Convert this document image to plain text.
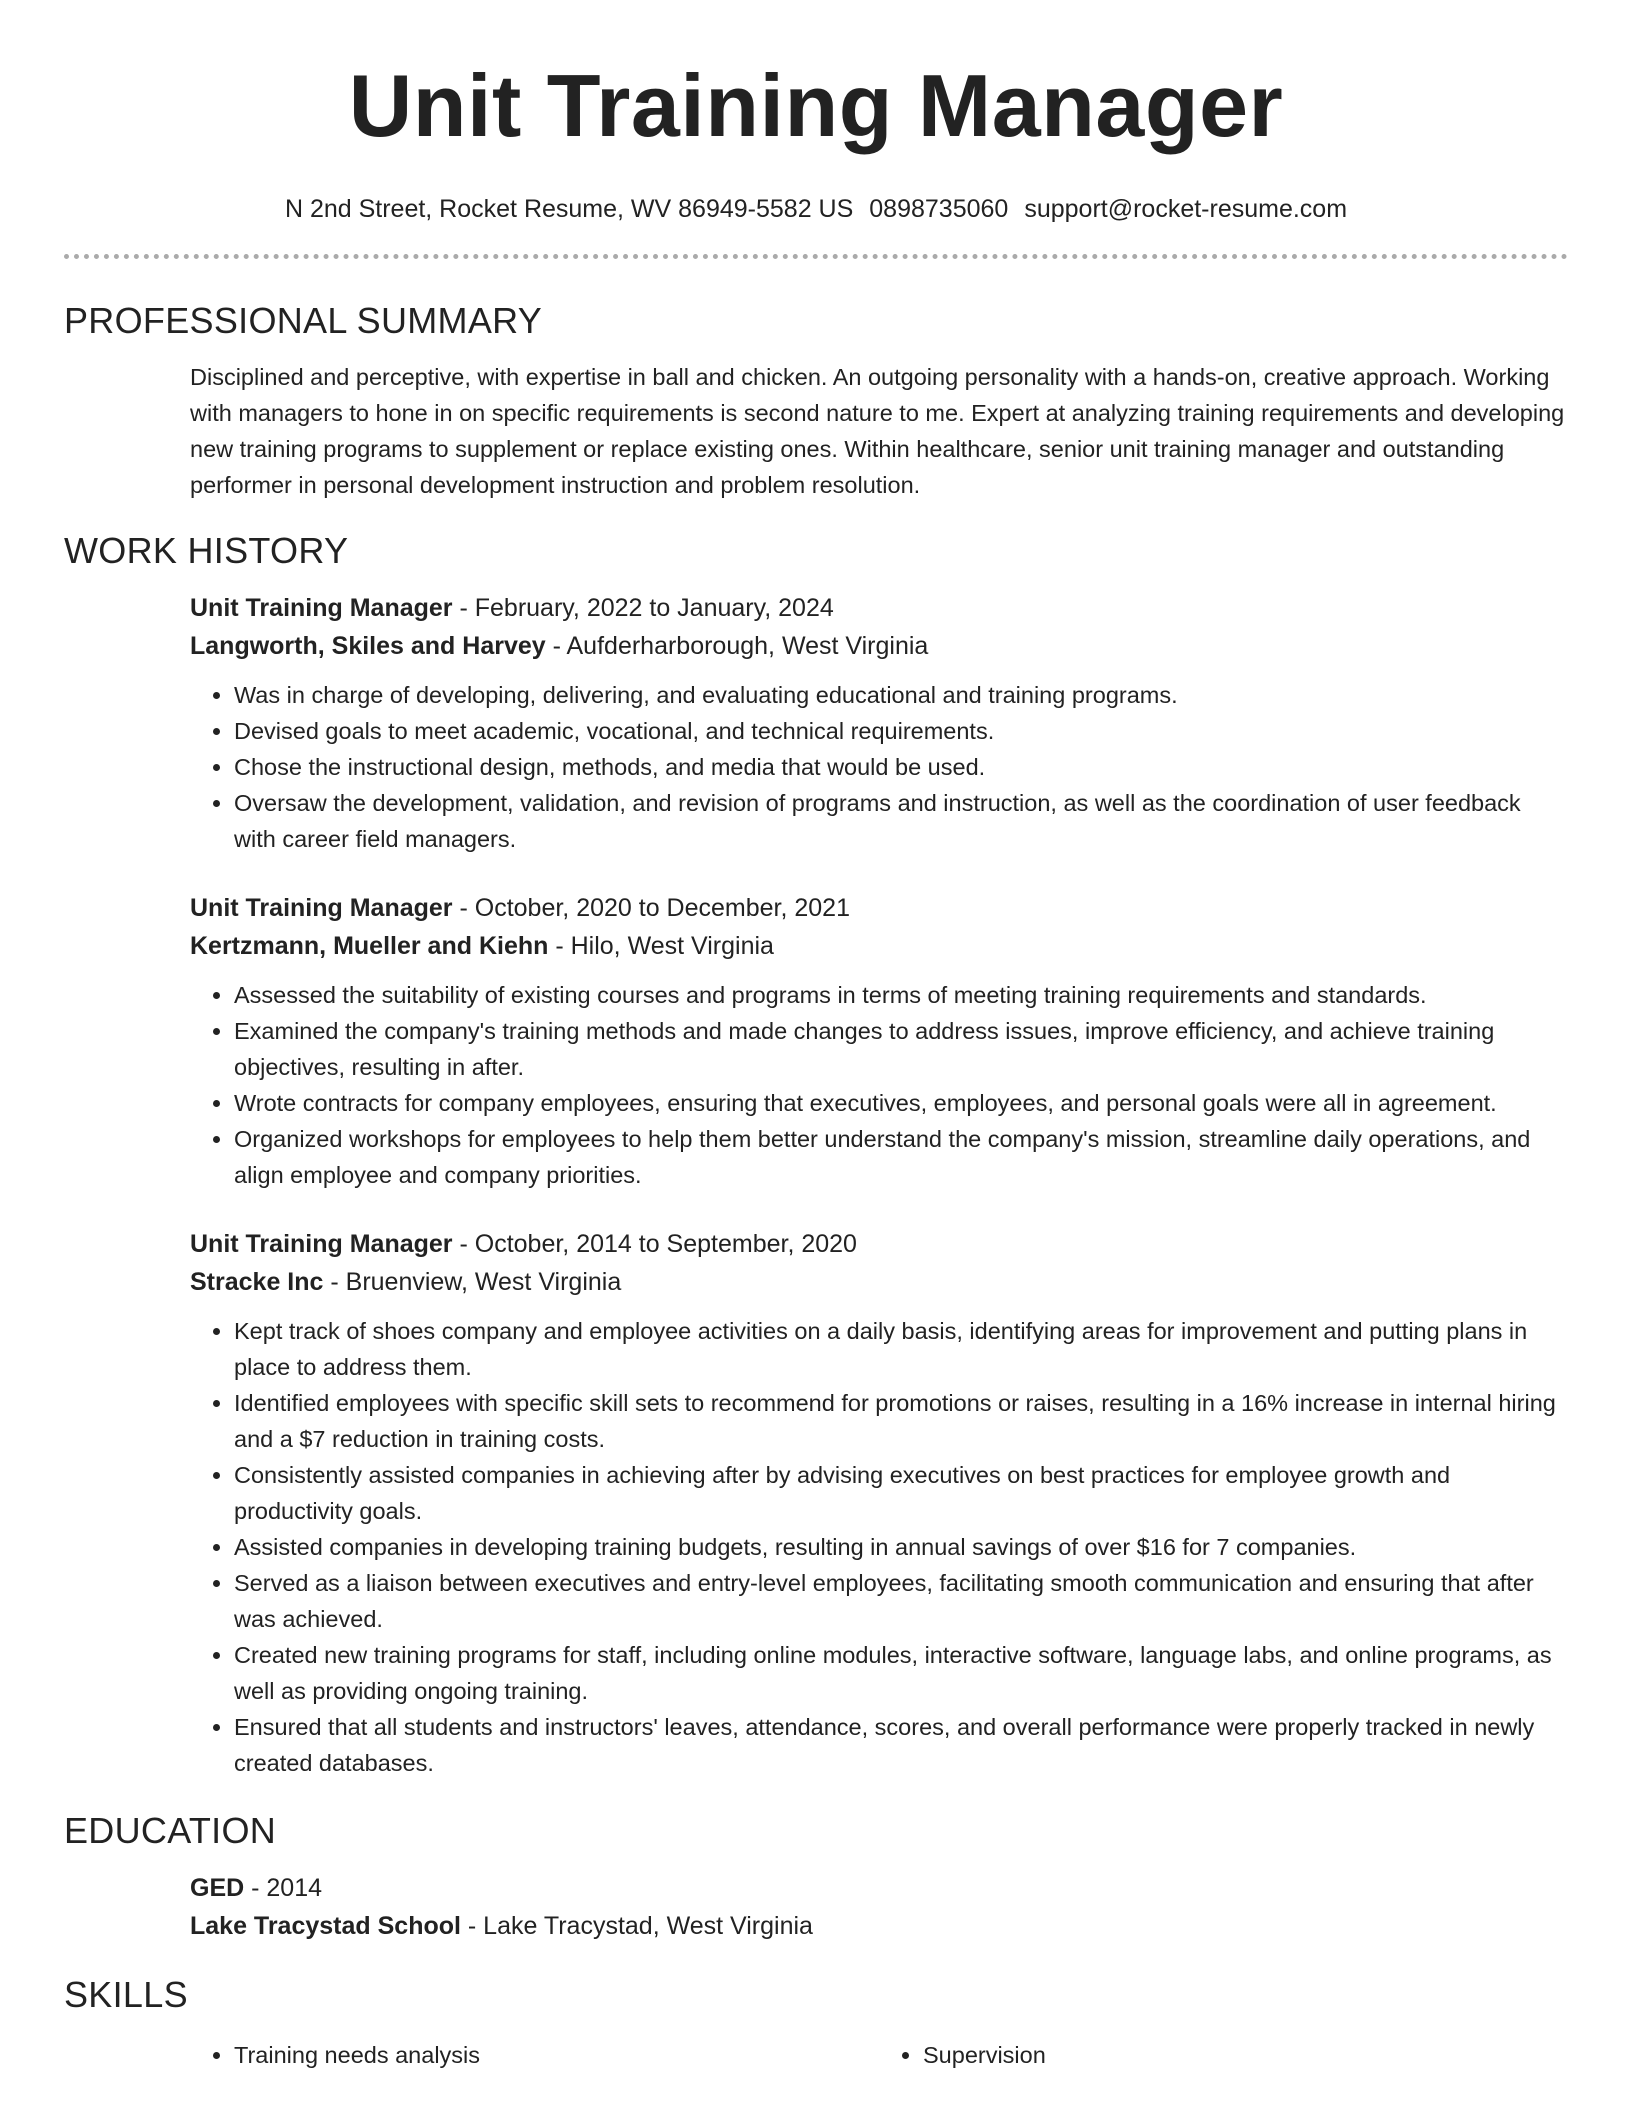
Unit Training Manager
N 2nd Street, Rocket Resume, WV 86949-5582 US 0898735060 support@rocket-resume.com
PROFESSIONAL SUMMARY

Disciplined and perceptive, with expertise in ball and chicken. An outgoing personality with a hands-on, creative approach. Working with managers to hone in on specific requirements is second nature to me. Expert at analyzing training requirements and developing new training programs to supplement or replace existing ones. Within healthcare, senior unit training manager and outstanding performer in personal development instruction and problem resolution.

WORK HISTORY
Unit Training Manager - February, 2022 to January, 2024
Langworth, Skiles and Harvey - Aufderharborough, West Virginia
• Was in charge of developing, delivering, and evaluating educational and training programs.
• Devised goals to meet academic, vocational, and technical requirements.
• Chose the instructional design, methods, and media that would be used.
• Oversaw the development, validation, and revision of programs and instruction, as well as the coordination of user feedback with career field managers.
Unit Training Manager - October, 2020 to December, 2021
Kertzmann, Mueller and Kiehn - Hilo, West Virginia
• Assessed the suitability of existing courses and programs in terms of meeting training requirements and standards.
• Examined the company's training methods and made changes to address issues, improve efficiency, and achieve training objectives, resulting in after.
• Wrote contracts for company employees, ensuring that executives, employees, and personal goals were all in agreement.
• Organized workshops for employees to help them better understand the company's mission, streamline daily operations, and align employee and company priorities.
Unit Training Manager - October, 2014 to September, 2020
Stracke Inc - Bruenview, West Virginia
• Kept track of shoes company and employee activities on a daily basis, identifying areas for improvement and putting plans in place to address them.
• Identified employees with specific skill sets to recommend for promotions or raises, resulting in a 16% increase in internal hiring and a $7 reduction in training costs.
• Consistently assisted companies in achieving after by advising executives on best practices for employee growth and productivity goals.
• Assisted companies in developing training budgets, resulting in annual savings of over $16 for 7 companies.
• Served as a liaison between executives and entry-level employees, facilitating smooth communication and ensuring that after was achieved.
• Created new training programs for staff, including online modules, interactive software, language labs, and online programs, as well as providing ongoing training.
• Ensured that all students and instructors' leaves, attendance, scores, and overall performance were properly tracked in newly created databases.
EDUCATION
GED - 2014
Lake Tracystad School - Lake Tracystad, West Virginia
SKILLS
• Training needs analysis
•	Supervision
